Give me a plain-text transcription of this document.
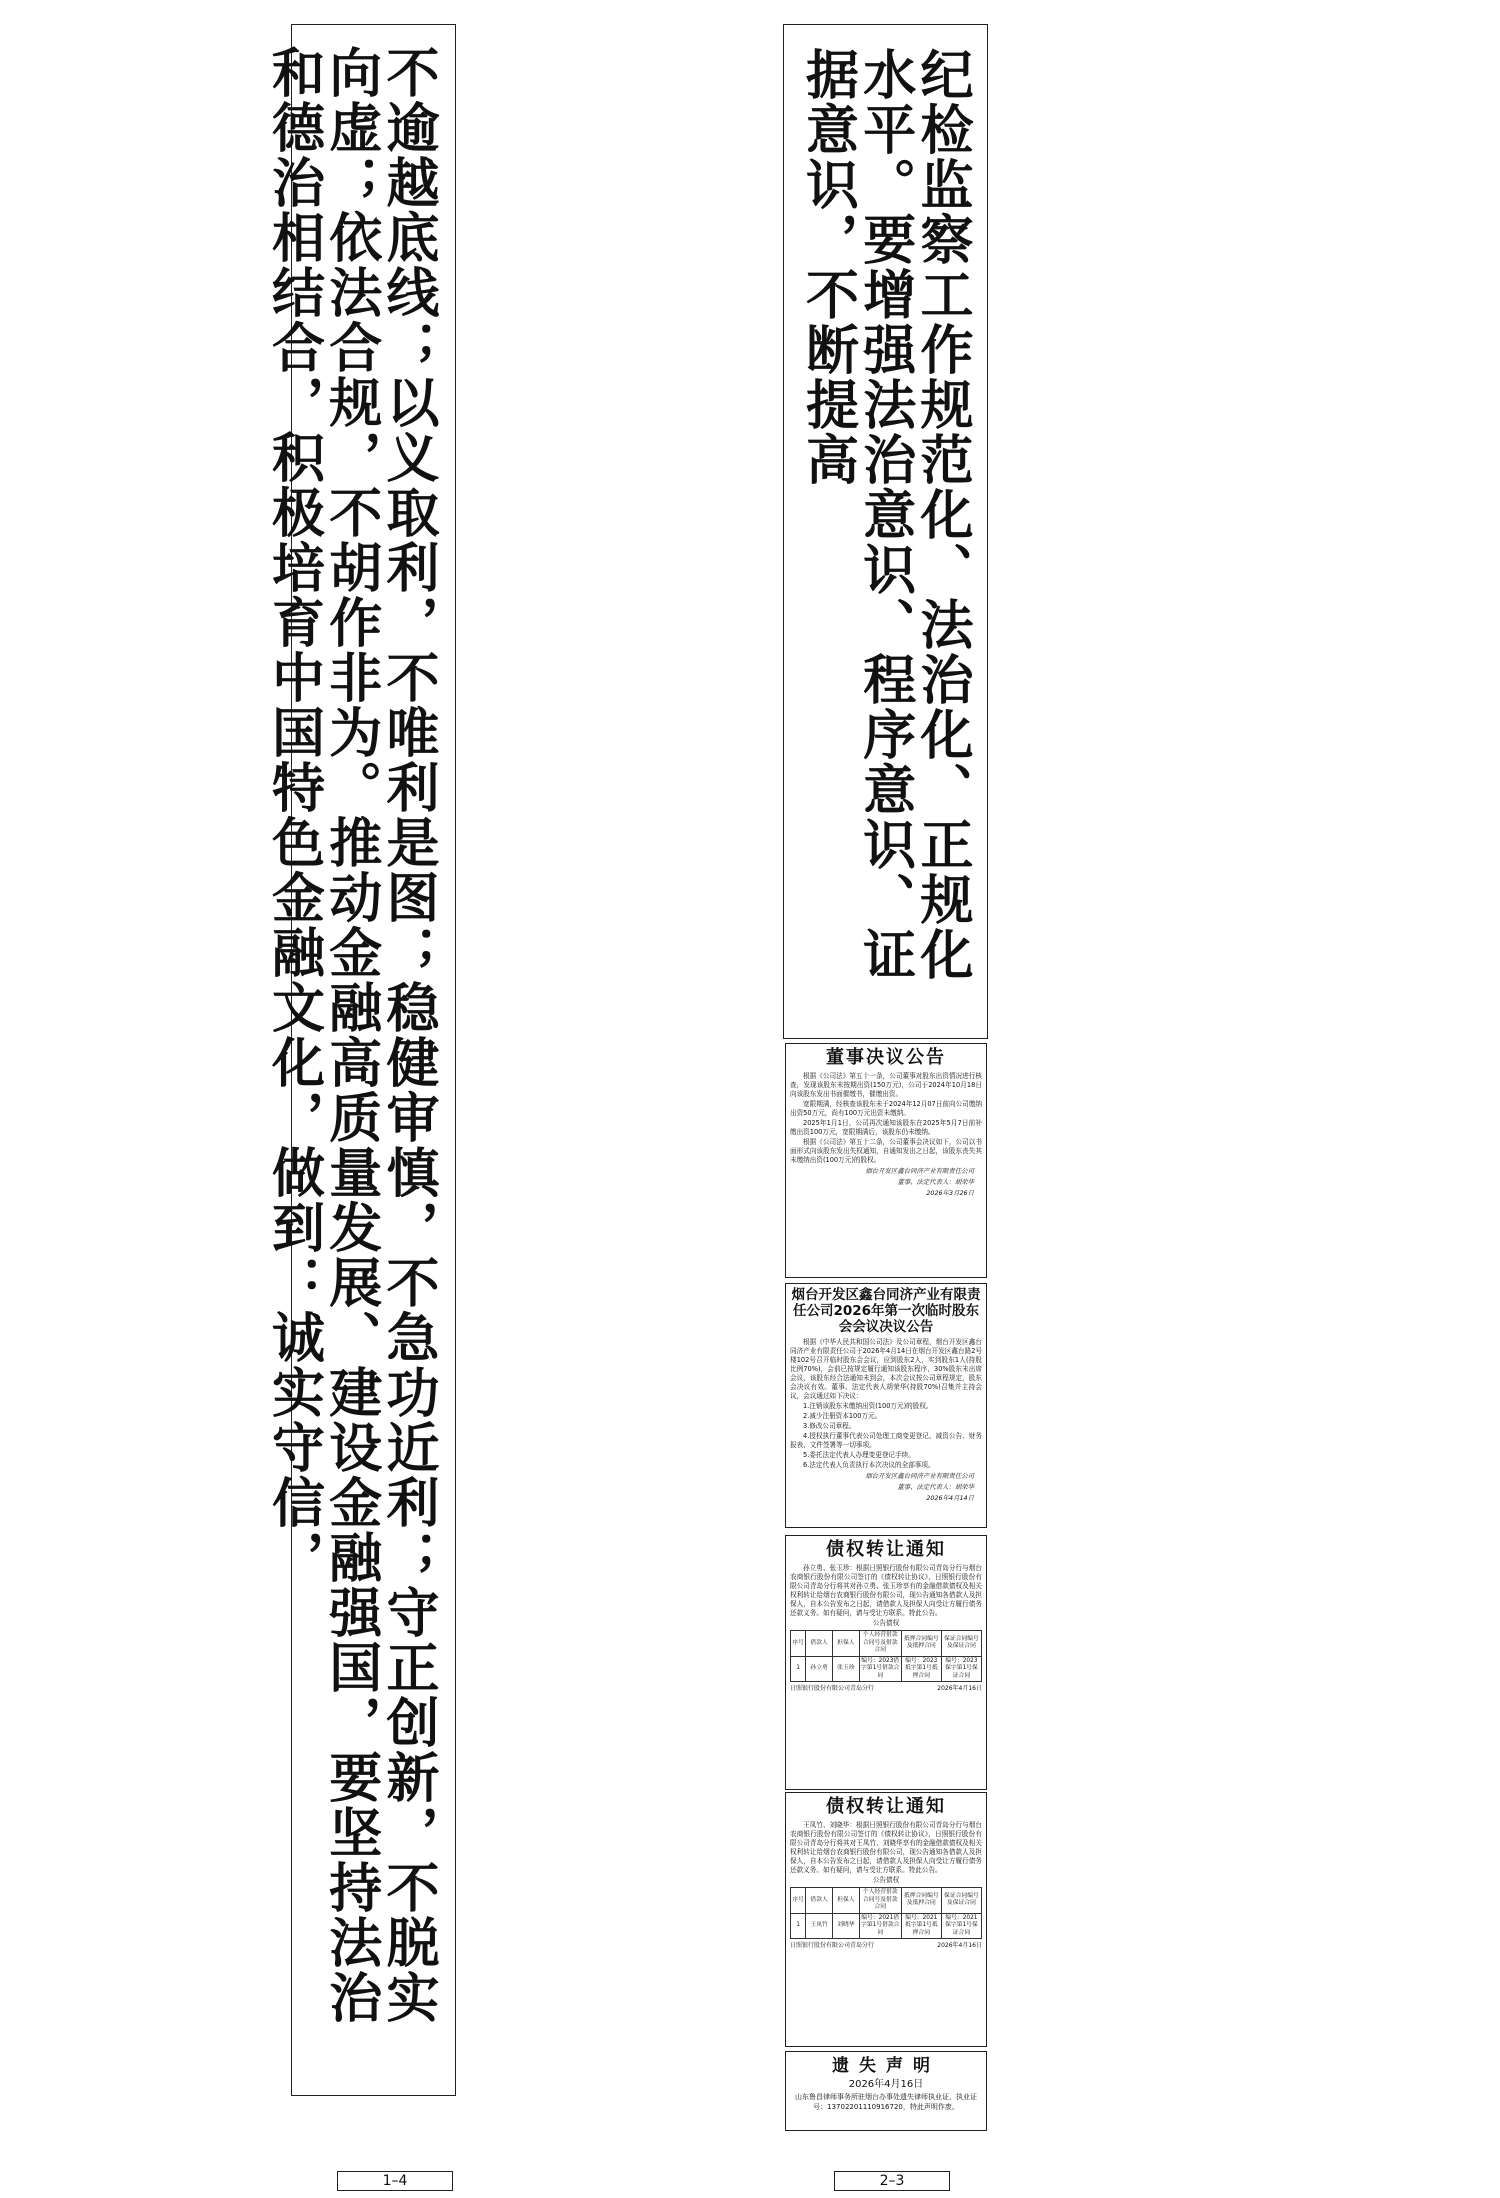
不逾越底线；以义取利，不唯利是图；稳健审慎，不急功近利；守正创新，不脱实向虚；依法合规，不胡作非为。推动金融高质量发展、建设金融强国，要坚持法治和德治相结合，积极培育中国特色金融文化，做到：诚实守信，
1–4
纪检监察工作规范化、法治化、正规化水平。要增强法治意识、程序意识、证据意识，不断提高
2–3
董事决议公告

根据《公司法》第五十一条，公司董事对股东出资情况进行核查，发现该股东未按期出资(150万元)，公司于2024年10月18日向该股东发出书面催缴书，催缴出资。

宽限期满，经核查该股东未于2024年12月07日前向公司缴纳出资50万元，尚有100万元出资未缴纳。

2025年1月1日，公司再次通知该股东在2025年5月7日前补缴出资100万元，宽限期满后，该股东仍未缴纳。

根据《公司法》第五十二条，公司董事会决议如下，公司以书面形式向该股东发出失权通知，自通知发出之日起，该股东丧失其未缴纳出资(100万元)的股权。

烟台开发区鑫台同济产业有限责任公司
董事、法定代表人：胡荣华
2026年3月26日
烟台开发区鑫台同济产业有限责任公司2026年第一次临时股东会会议决议公告

根据《中华人民共和国公司法》及公司章程，烟台开发区鑫台同济产业有限责任公司于2026年4月14日在烟台开发区鑫台路2号楼102号召开临时股东会会议，应到股东2人，实到股东1人(持股比例70%)，会前已按规定履行通知该股东程序，30%股东未出席会议，该股东经合法通知未到会，本次会议按公司章程规定，股东会决议有效。董事、法定代表人胡荣华(持股70%)召集并主持会议，会议通过如下决议：

1.注销该股东未缴纳出资(100万元)的股权。

2.减少注册资本100万元。

3.修改公司章程。

4.授权执行董事代表公司处理工商变更登记、减资公告、财务报表、文件签署等一切事项。

5.委托法定代表人办理变更登记手续。

6.法定代表人负责执行本次决议的全部事项。

烟台开发区鑫台同济产业有限责任公司
董事、法定代表人：胡荣华
2026年4月14日
债权转让通知

孙立勇、张玉珍：根据日照银行股份有限公司青岛分行与烟台农商银行股份有限公司签订的《债权转让协议》，日照银行股份有限公司青岛分行将其对孙立勇、张玉珍享有的金融借款债权及相关权利转让给烟台农商银行股份有限公司，现公告通知各借款人及担保人，自本公告发布之日起，请借款人及担保人向受让方履行债务还款义务。如有疑问，请与受让方联系。特此公告。

公告债权
序号	借款人	担保人	个人经营借款合同号及借款合同	抵押合同编号及抵押合同	保证合同编号及保证合同
1	孙立勇	张玉珍	编号：2023借字第1号借款合同	编号：2023抵字第1号抵押合同	编号：2023保字第1号保证合同
日照银行股份有限公司青岛分行	2026年4月16日
债权转让通知

王凤竹、刘晓华：根据日照银行股份有限公司青岛分行与烟台农商银行股份有限公司签订的《债权转让协议》，日照银行股份有限公司青岛分行将其对王凤竹、刘晓华享有的金融借款债权及相关权利转让给烟台农商银行股份有限公司，现公告通知各借款人及担保人，自本公告发布之日起，请借款人及担保人向受让方履行债务还款义务。如有疑问，请与受让方联系。特此公告。

公告债权
序号	借款人	担保人	个人经营借款合同号及借款合同	抵押合同编号及抵押合同	保证合同编号及保证合同
1	王凤竹	刘晓华	编号：2021借字第1号借款合同	编号：2021抵字第1号抵押合同	编号：2021保字第1号保证合同
日照银行股份有限公司青岛分行	2026年4月16日
遗失声明
2026年4月16日

山东鲁昌律师事务所驻烟台办事处遗失律师执业证，执业证号：13702201110916720，特此声明作废。
